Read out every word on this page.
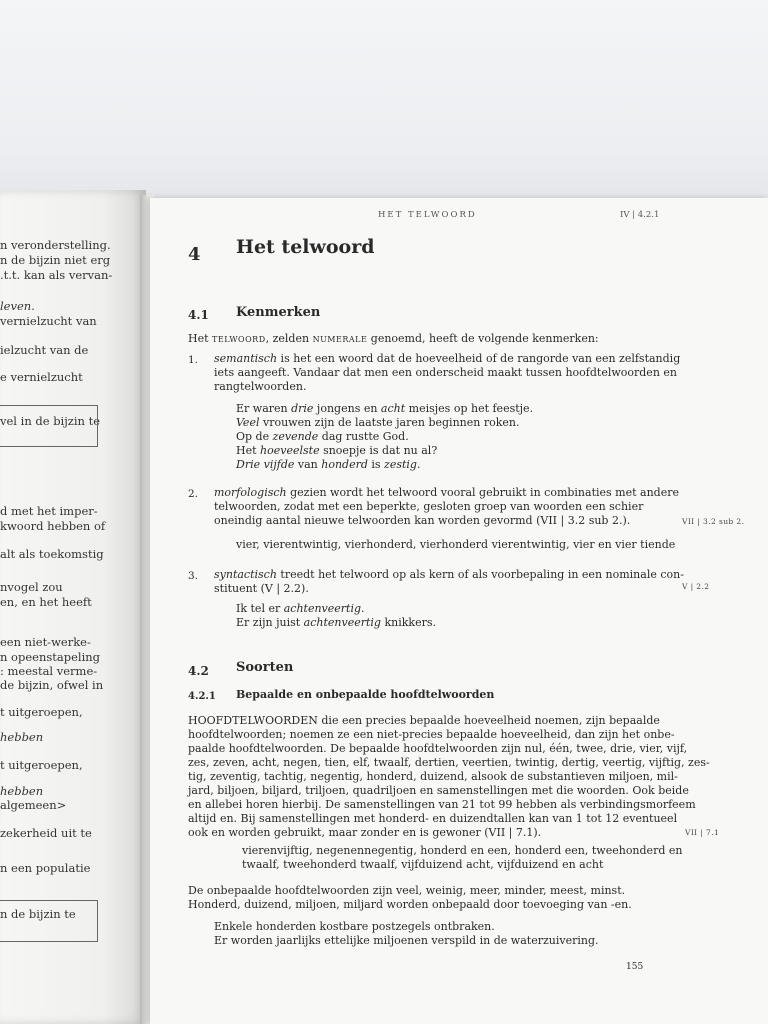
n veronderstelling.
n de bijzin niet erg
.t.t. kan als vervan-
leven.
vernielzucht van
ielzucht van de
e vernielzucht
vel in de bijzin te
d met het imper-
kwoord hebben of
alt als toekomstig
nvogel zou
en, en het heeft
een niet-werke-
n opeenstapeling
: meestal verme-
de bijzin, ofwel in
t uitgeroepen,
hebben
t uitgeroepen,
hebben
algemeen>
zekerheid uit te
n een populatie
n de bijzin te
HET TELWOORD	IV | 4.2.1
4 Het telwoord
4.1 Kenmerken
Het telwoord, zelden numerale genoemd, heeft de volgende kenmerken:
1. semantisch is het een woord dat de hoeveelheid of de rangorde van een zelfstandig
iets aangeeft. Vandaar dat men een onderscheid maakt tussen hoofdtelwoorden en
rangtelwoorden.
Er waren drie jongens en acht meisjes op het feestje.
Veel vrouwen zijn de laatste jaren beginnen roken.
Op de zevende dag rustte God.
Het hoeveelste snoepje is dat nu al?
Drie vijfde van honderd is zestig.
2. morfologisch gezien wordt het telwoord vooral gebruikt in combinaties met andere
telwoorden, zodat met een beperkte, gesloten groep van woorden een schier
oneindig aantal nieuwe telwoorden kan worden gevormd (VII | 3.2 sub 2.).	VII | 3.2 sub 2.
vier, vierentwintig, vierhonderd, vierhonderd vierentwintig, vier en vier tiende
3. syntactisch treedt het telwoord op als kern of als voorbepaling in een nominale con-
stituent (V | 2.2).	V | 2.2
Ik tel er achtenveertig.
Er zijn juist achtenveertig knikkers.
4.2 Soorten
4.2.1 Bepaalde en onbepaalde hoofdtelwoorden
HOOFDTELWOORDEN die een precies bepaalde hoeveelheid noemen, zijn bepaalde
hoofdtelwoorden; noemen ze een niet-precies bepaalde hoeveelheid, dan zijn het onbe-
paalde hoofdtelwoorden. De bepaalde hoofdtelwoorden zijn nul, één, twee, drie, vier, vijf,
zes, zeven, acht, negen, tien, elf, twaalf, dertien, veertien, twintig, dertig, veertig, vijftig, zes-
tig, zeventig, tachtig, negentig, honderd, duizend, alsook de substantieven miljoen, mil-
jard, biljoen, biljard, triljoen, quadriljoen en samenstellingen met die woorden. Ook beide
en allebei horen hierbij. De samenstellingen van 21 tot 99 hebben als verbindingsmorfeem
altijd en. Bij samenstellingen met honderd- en duizendtallen kan van 1 tot 12 eventueel
ook en worden gebruikt, maar zonder en is gewoner (VII | 7.1).	VII | 7.1
vierenvijftig, negenennegentig, honderd en een, honderd een, tweehonderd en
twaalf, tweehonderd twaalf, vijfduizend acht, vijfduizend en acht
De onbepaalde hoofdtelwoorden zijn veel, weinig, meer, minder, meest, minst.
Honderd, duizend, miljoen, miljard worden onbepaald door toevoeging van -en.
Enkele honderden kostbare postzegels ontbraken.
Er worden jaarlijks ettelijke miljoenen verspild in de waterzuivering.
155
